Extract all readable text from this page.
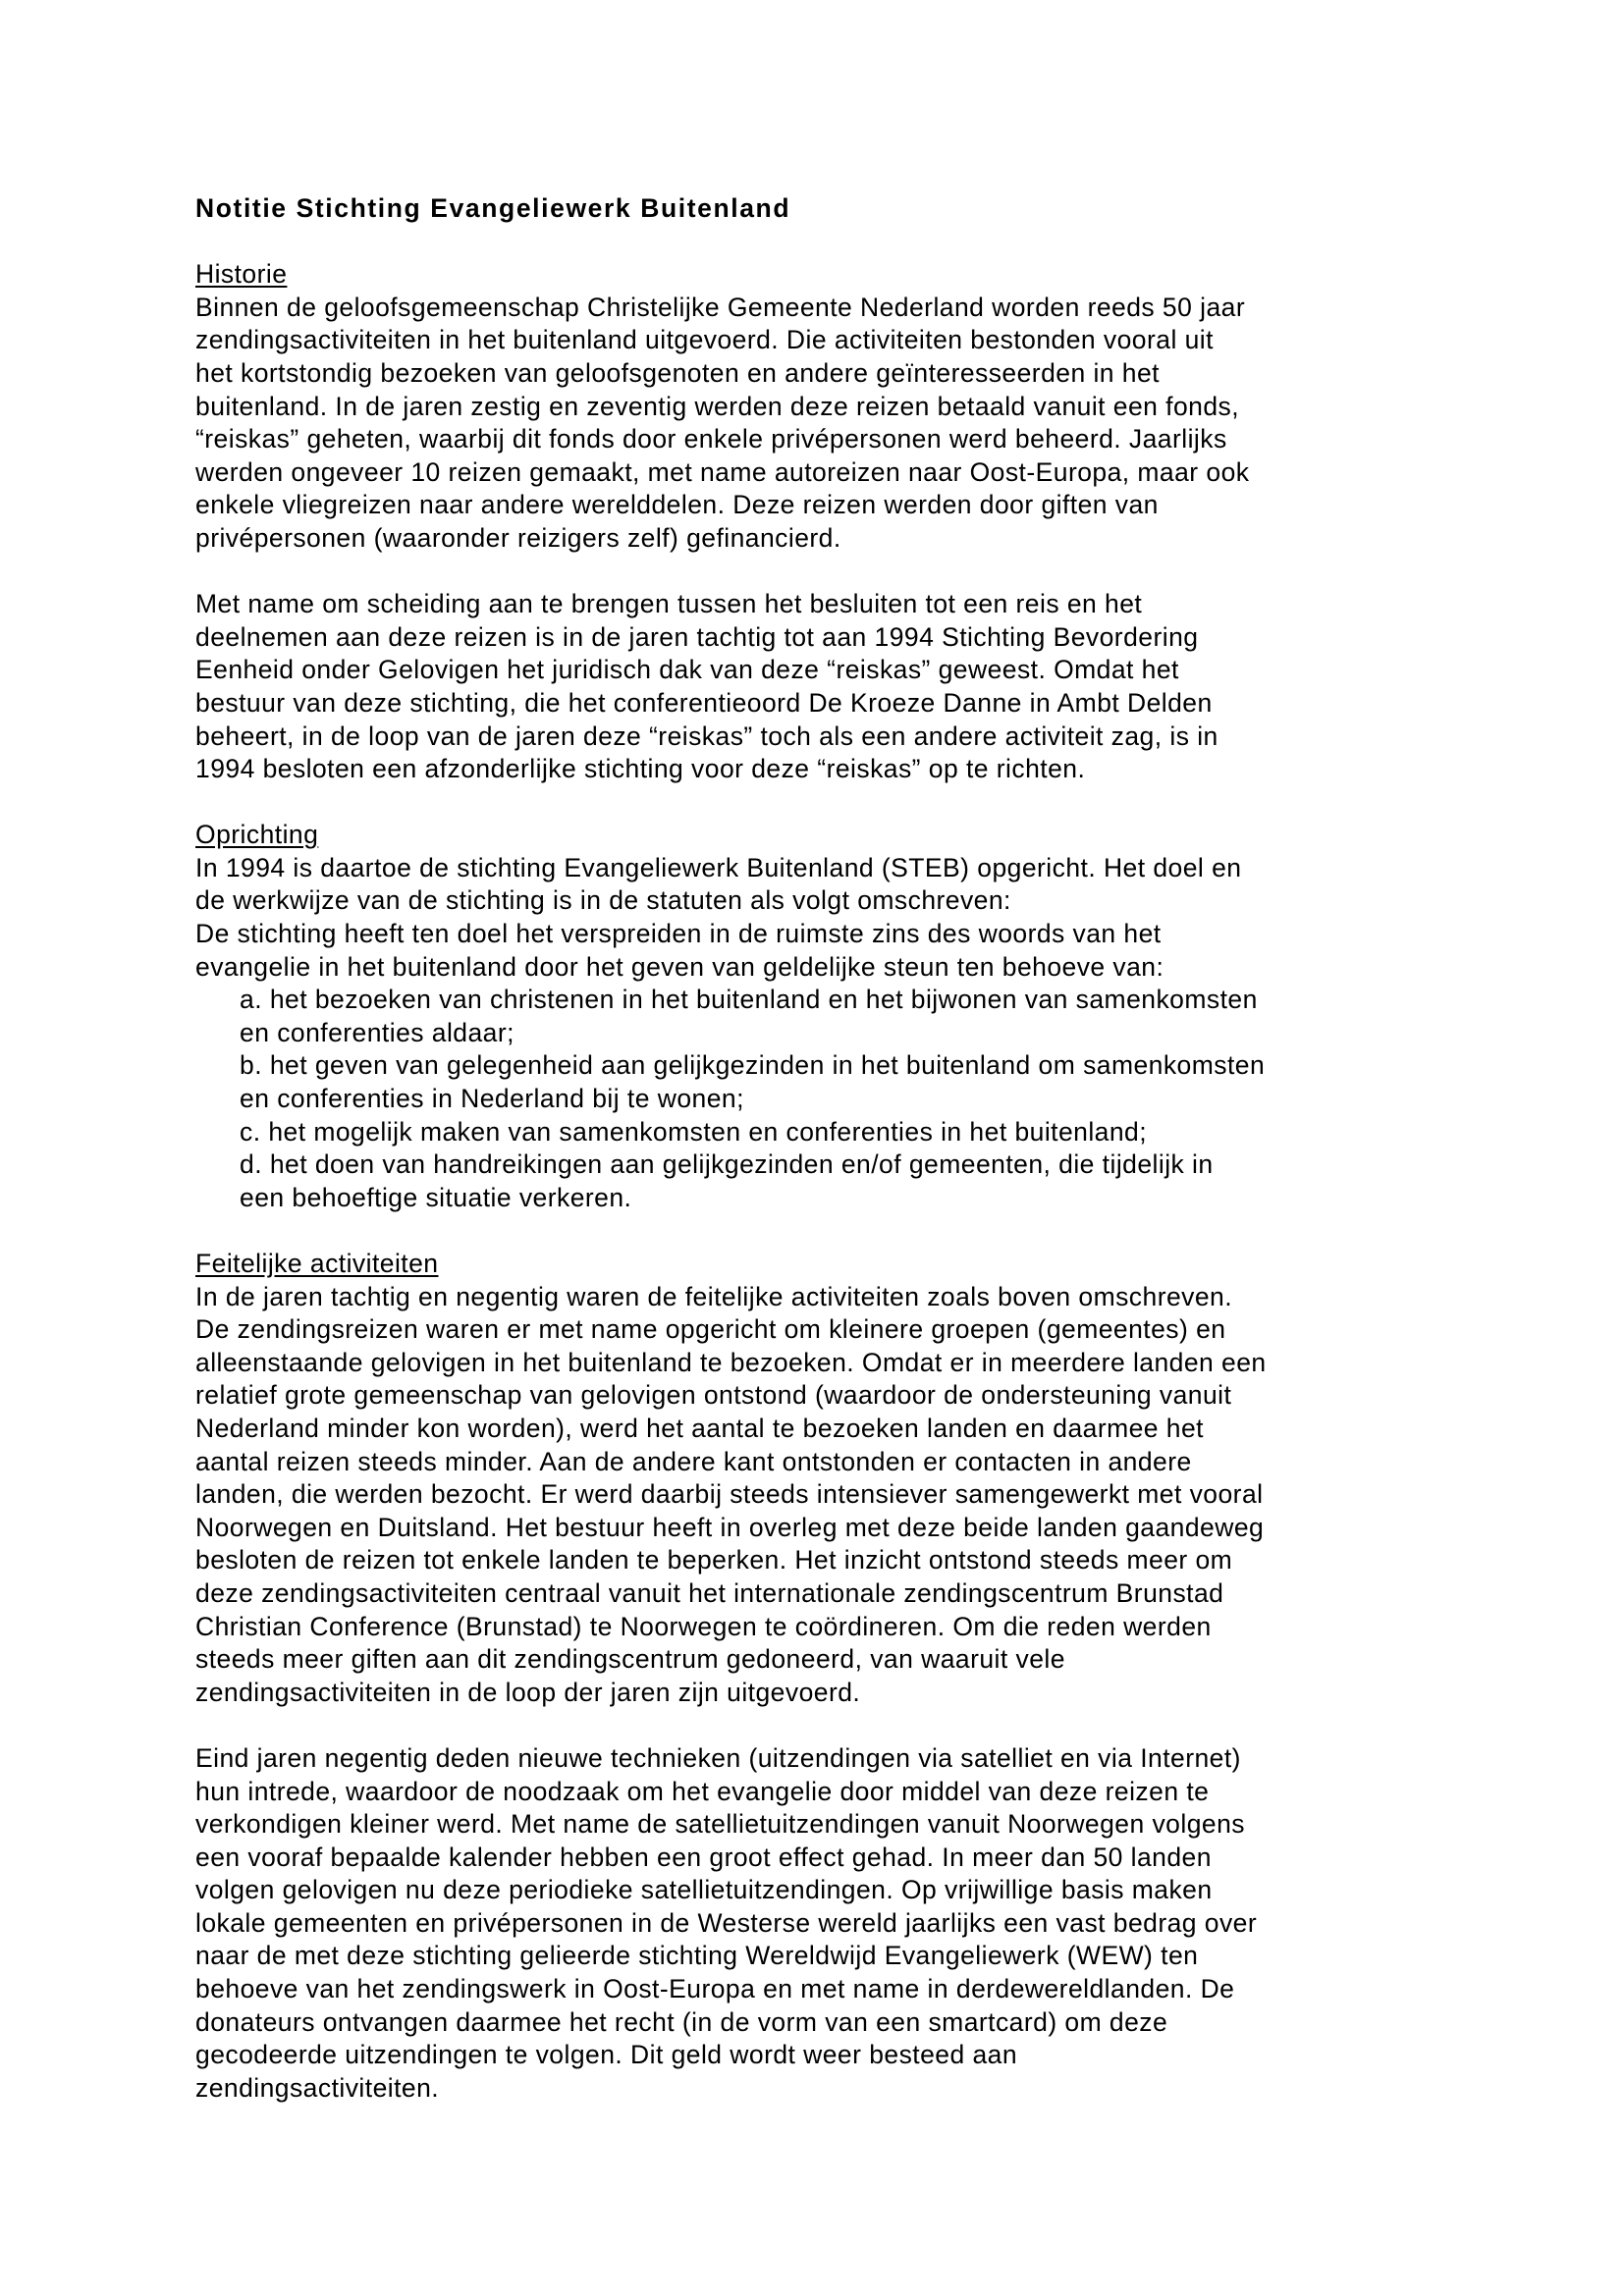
Notitie Stichting Evangeliewerk Buitenland
Historie
Binnen de geloofsgemeenschap Christelijke Gemeente Nederland worden reeds 50 jaar
zendingsactiviteiten in het buitenland uitgevoerd. Die activiteiten bestonden vooral uit
het kortstondig bezoeken van geloofsgenoten en andere geïnteresseerden in het
buitenland. In de jaren zestig en zeventig werden deze reizen betaald vanuit een fonds,
“reiskas” geheten, waarbij dit fonds door enkele privépersonen werd beheerd. Jaarlijks
werden ongeveer 10 reizen gemaakt, met name autoreizen naar Oost-Europa, maar ook
enkele vliegreizen naar andere werelddelen. Deze reizen werden door giften van
privépersonen (waaronder reizigers zelf) gefinancierd.
Met name om scheiding aan te brengen tussen het besluiten tot een reis en het
deelnemen aan deze reizen is in de jaren tachtig tot aan 1994 Stichting Bevordering
Eenheid onder Gelovigen het juridisch dak van deze “reiskas” geweest. Omdat het
bestuur van deze stichting, die het conferentieoord De Kroeze Danne in Ambt Delden
beheert, in de loop van de jaren deze “reiskas” toch als een andere activiteit zag, is in
1994 besloten een afzonderlijke stichting voor deze “reiskas” op te richten.
Oprichting
In 1994 is daartoe de stichting Evangeliewerk Buitenland (STEB) opgericht. Het doel en
de werkwijze van de stichting is in de statuten als volgt omschreven:
De stichting heeft ten doel het verspreiden in de ruimste zins des woords van het
evangelie in het buitenland door het geven van geldelijke steun ten behoeve van:
a. het bezoeken van christenen in het buitenland en het bijwonen van samenkomsten
en conferenties aldaar;
b. het geven van gelegenheid aan gelijkgezinden in het buitenland om samenkomsten
en conferenties in Nederland bij te wonen;
c. het mogelijk maken van samenkomsten en conferenties in het buitenland;
d. het doen van handreikingen aan gelijkgezinden en/of gemeenten, die tijdelijk in
een behoeftige situatie verkeren.
Feitelijke activiteiten
In de jaren tachtig en negentig waren de feitelijke activiteiten zoals boven omschreven.
De zendingsreizen waren er met name opgericht om kleinere groepen (gemeentes) en
alleenstaande gelovigen in het buitenland te bezoeken. Omdat er in meerdere landen een
relatief grote gemeenschap van gelovigen ontstond (waardoor de ondersteuning vanuit
Nederland minder kon worden), werd het aantal te bezoeken landen en daarmee het
aantal reizen steeds minder. Aan de andere kant ontstonden er contacten in andere
landen, die werden bezocht. Er werd daarbij steeds intensiever samengewerkt met vooral
Noorwegen en Duitsland. Het bestuur heeft in overleg met deze beide landen gaandeweg
besloten de reizen tot enkele landen te beperken. Het inzicht ontstond steeds meer om
deze zendingsactiviteiten centraal vanuit het internationale zendingscentrum Brunstad
Christian Conference (Brunstad) te Noorwegen te coördineren. Om die reden werden
steeds meer giften aan dit zendingscentrum gedoneerd, van waaruit vele
zendingsactiviteiten in de loop der jaren zijn uitgevoerd.
Eind jaren negentig deden nieuwe technieken (uitzendingen via satelliet en via Internet)
hun intrede, waardoor de noodzaak om het evangelie door middel van deze reizen te
verkondigen kleiner werd. Met name de satellietuitzendingen vanuit Noorwegen volgens
een vooraf bepaalde kalender hebben een groot effect gehad. In meer dan 50 landen
volgen gelovigen nu deze periodieke satellietuitzendingen. Op vrijwillige basis maken
lokale gemeenten en privépersonen in de Westerse wereld jaarlijks een vast bedrag over
naar de met deze stichting gelieerde stichting Wereldwijd Evangeliewerk (WEW) ten
behoeve van het zendingswerk in Oost-Europa en met name in derdewereldlanden. De
donateurs ontvangen daarmee het recht (in de vorm van een smartcard) om deze
gecodeerde uitzendingen te volgen. Dit geld wordt weer besteed aan
zendingsactiviteiten.
